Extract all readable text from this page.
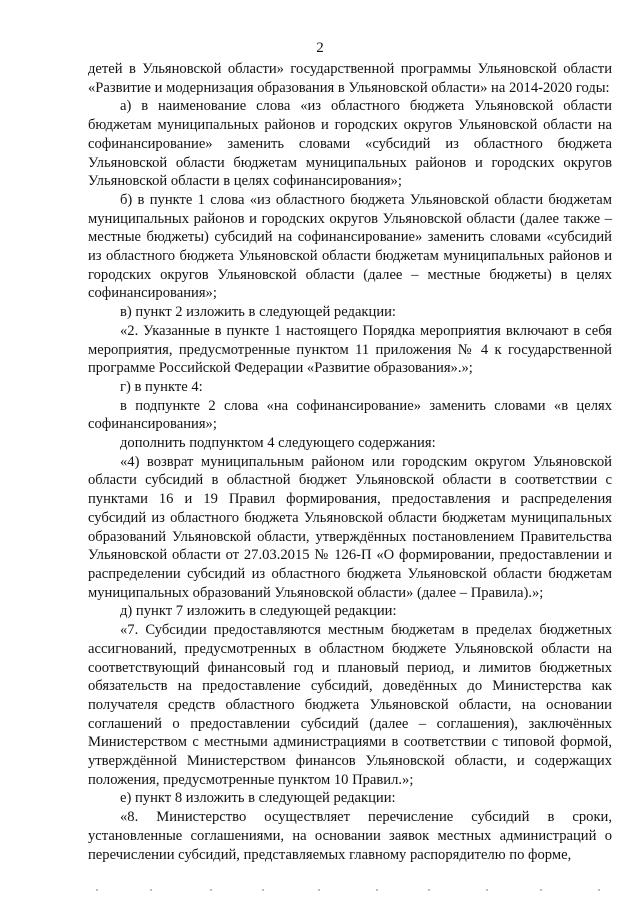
2

детей в Ульяновской области» государственной программы Ульяновской области «Развитие и модернизация образования в Ульяновской области» на 2014-2020 годы:

а) в наименование слова «из областного бюджета Ульяновской области бюджетам муниципальных районов и городских округов Ульяновской области на софинансирование» заменить словами «субсидий из областного бюджета Ульяновской области бюджетам муниципальных районов и городских округов Ульяновской области в целях софинансирования»;

б) в пункте 1 слова «из областного бюджета Ульяновской области бюджетам муниципальных районов и городских округов Ульяновской области (далее также – местные бюджеты) субсидий на софинансирование» заменить словами «субсидий из областного бюджета Ульяновской области бюджетам муниципальных районов и городских округов Ульяновской области (далее – местные бюджеты) в целях софинансирования»;

в) пункт 2 изложить в следующей редакции:

«2. Указанные в пункте 1 настоящего Порядка мероприятия включают в себя мероприятия, предусмотренные пунктом 11 приложения № 4 к государственной программе Российской Федерации «Развитие образования».»;

г) в пункте 4:

в подпункте 2 слова «на софинансирование» заменить словами «в целях софинансирования»;

дополнить подпунктом 4 следующего содержания:

«4) возврат муниципальным районом или городским округом Ульяновской области субсидий в областной бюджет Ульяновской области в соответствии с пунктами 16 и 19 Правил формирования, предоставления и распределения субсидий из областного бюджета Ульяновской области бюджетам муниципальных образований Ульяновской области, утверждённых постановлением Правительства Ульяновской области от 27.03.2015 № 126-П «О формировании, предоставлении и распределении субсидий из областного бюджета Ульяновской области бюджетам муниципальных образований Ульяновской области» (далее – Правила).»;

д) пункт 7 изложить в следующей редакции:

«7. Субсидии предоставляются местным бюджетам в пределах бюджетных ассигнований, предусмотренных в областном бюджете Ульяновской области на соответствующий финансовый год и плановый период, и лимитов бюджетных обязательств на предоставление субсидий, доведённых до Министерства как получателя средств областного бюджета Ульяновской области, на основании соглашений о предоставлении субсидий (далее – соглашения), заключённых Министерством с местными администрациями в соответствии с типовой формой, утверждённой Министерством финансов Ульяновской области, и содержащих положения, предусмотренные пунктом 10 Правил.»;

е) пункт 8 изложить в следующей редакции:

«8. Министерство осуществляет перечисление субсидий в сроки, установленные соглашениями, на основании заявок местных администраций о перечислении субсидий, представляемых главному распорядителю по форме,
